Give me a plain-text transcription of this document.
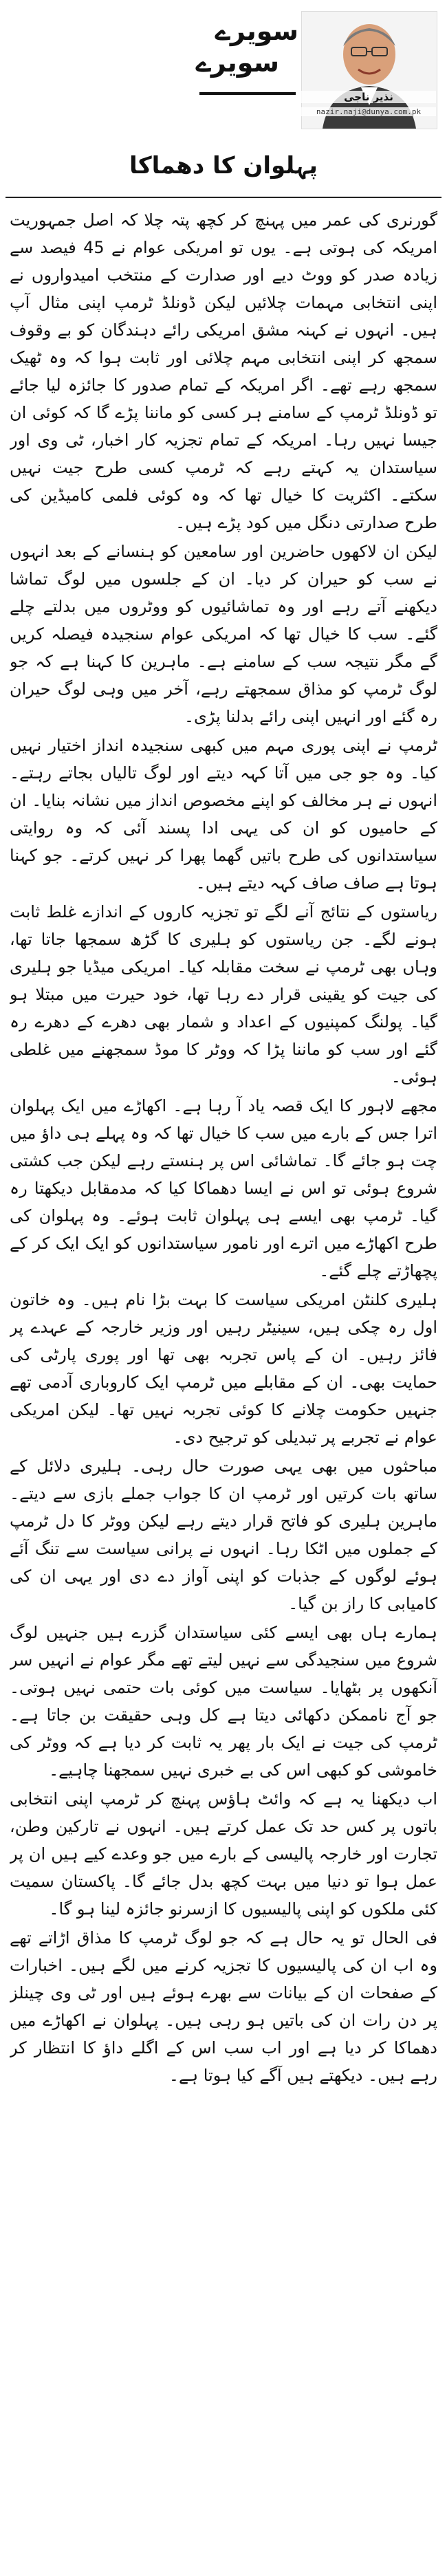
سویرے
سویرے
نذیر ناجی
nazir.naji@dunya.com.pk
پہلوان کا دھماکا

گورنری کی عمر میں پہنچ کر کچھ پتہ چلا کہ اصل جمہوریت امریکہ کی ہوتی ہے۔ یوں تو امریکی عوام نے 45 فیصد سے زیادہ صدر کو ووٹ دیے اور صدارت کے منتخب امیدواروں نے اپنی انتخابی مہمات چلائیں لیکن ڈونلڈ ٹرمپ اپنی مثال آپ ہیں۔ انہوں نے کہنہ مشق امریکی رائے دہندگان کو بے وقوف سمجھ کر اپنی انتخابی مہم چلائی اور ثابت ہوا کہ وہ ٹھیک سمجھ رہے تھے۔ اگر امریکہ کے تمام صدور کا جائزہ لیا جائے تو ڈونلڈ ٹرمپ کے سامنے ہر کسی کو ماننا پڑے گا کہ کوئی ان جیسا نہیں رہا۔ امریکہ کے تمام تجزیہ کار اخبار، ٹی وی اور سیاستدان یہ کہتے رہے کہ ٹرمپ کسی طرح جیت نہیں سکتے۔ اکثریت کا خیال تھا کہ وہ کوئی فلمی کامیڈین کی طرح صدارتی دنگل میں کود پڑے ہیں۔

لیکن ان لاکھوں حاضرین اور سامعین کو ہنسانے کے بعد انہوں نے سب کو حیران کر دیا۔ ان کے جلسوں میں لوگ تماشا دیکھنے آتے رہے اور وہ تماشائیوں کو ووٹروں میں بدلتے چلے گئے۔ سب کا خیال تھا کہ امریکی عوام سنجیدہ فیصلہ کریں گے مگر نتیجہ سب کے سامنے ہے۔ ماہرین کا کہنا ہے کہ جو لوگ ٹرمپ کو مذاق سمجھتے رہے، آخر میں وہی لوگ حیران رہ گئے اور انہیں اپنی رائے بدلنا پڑی۔

ٹرمپ نے اپنی پوری مہم میں کبھی سنجیدہ انداز اختیار نہیں کیا۔ وہ جو جی میں آتا کہہ دیتے اور لوگ تالیاں بجاتے رہتے۔ انہوں نے ہر مخالف کو اپنے مخصوص انداز میں نشانہ بنایا۔ ان کے حامیوں کو ان کی یہی ادا پسند آئی کہ وہ روایتی سیاستدانوں کی طرح باتیں گھما پھرا کر نہیں کرتے۔ جو کہنا ہوتا ہے صاف صاف کہہ دیتے ہیں۔

ریاستوں کے نتائج آنے لگے تو تجزیہ کاروں کے اندازے غلط ثابت ہونے لگے۔ جن ریاستوں کو ہلیری کا گڑھ سمجھا جاتا تھا، وہاں بھی ٹرمپ نے سخت مقابلہ کیا۔ امریکی میڈیا جو ہلیری کی جیت کو یقینی قرار دے رہا تھا، خود حیرت میں مبتلا ہو گیا۔ پولنگ کمپنیوں کے اعداد و شمار بھی دھرے کے دھرے رہ گئے اور سب کو ماننا پڑا کہ ووٹر کا موڈ سمجھنے میں غلطی ہوئی۔

مجھے لاہور کا ایک قصہ یاد آ رہا ہے۔ اکھاڑے میں ایک پہلوان اترا جس کے بارے میں سب کا خیال تھا کہ وہ پہلے ہی داؤ میں چت ہو جائے گا۔ تماشائی اس پر ہنستے رہے لیکن جب کشتی شروع ہوئی تو اس نے ایسا دھماکا کیا کہ مدمقابل دیکھتا رہ گیا۔ ٹرمپ بھی ایسے ہی پہلوان ثابت ہوئے۔ وہ پہلوان کی طرح اکھاڑے میں اترے اور نامور سیاستدانوں کو ایک ایک کر کے پچھاڑتے چلے گئے۔

ہلیری کلنٹن امریکی سیاست کا بہت بڑا نام ہیں۔ وہ خاتون اول رہ چکی ہیں، سینیٹر رہیں اور وزیر خارجہ کے عہدے پر فائز رہیں۔ ان کے پاس تجربہ بھی تھا اور پوری پارٹی کی حمایت بھی۔ ان کے مقابلے میں ٹرمپ ایک کاروباری آدمی تھے جنہیں حکومت چلانے کا کوئی تجربہ نہیں تھا۔ لیکن امریکی عوام نے تجربے پر تبدیلی کو ترجیح دی۔

مباحثوں میں بھی یہی صورت حال رہی۔ ہلیری دلائل کے ساتھ بات کرتیں اور ٹرمپ ان کا جواب جملے بازی سے دیتے۔ ماہرین ہلیری کو فاتح قرار دیتے رہے لیکن ووٹر کا دل ٹرمپ کے جملوں میں اٹکا رہا۔ انہوں نے پرانی سیاست سے تنگ آئے ہوئے لوگوں کے جذبات کو اپنی آواز دے دی اور یہی ان کی کامیابی کا راز بن گیا۔

ہمارے ہاں بھی ایسے کئی سیاستدان گزرے ہیں جنہیں لوگ شروع میں سنجیدگی سے نہیں لیتے تھے مگر عوام نے انہیں سر آنکھوں پر بٹھایا۔ سیاست میں کوئی بات حتمی نہیں ہوتی۔ جو آج ناممکن دکھائی دیتا ہے کل وہی حقیقت بن جاتا ہے۔ ٹرمپ کی جیت نے ایک بار پھر یہ ثابت کر دیا ہے کہ ووٹر کی خاموشی کو کبھی اس کی بے خبری نہیں سمجھنا چاہیے۔

اب دیکھنا یہ ہے کہ وائٹ ہاؤس پہنچ کر ٹرمپ اپنی انتخابی باتوں پر کس حد تک عمل کرتے ہیں۔ انہوں نے تارکین وطن، تجارت اور خارجہ پالیسی کے بارے میں جو وعدے کیے ہیں ان پر عمل ہوا تو دنیا میں بہت کچھ بدل جائے گا۔ پاکستان سمیت کئی ملکوں کو اپنی پالیسیوں کا ازسرنو جائزہ لینا ہو گا۔

فی الحال تو یہ حال ہے کہ جو لوگ ٹرمپ کا مذاق اڑاتے تھے وہ اب ان کی پالیسیوں کا تجزیہ کرنے میں لگے ہیں۔ اخبارات کے صفحات ان کے بیانات سے بھرے ہوئے ہیں اور ٹی وی چینلز پر دن رات ان کی باتیں ہو رہی ہیں۔ پہلوان نے اکھاڑے میں دھماکا کر دیا ہے اور اب سب اس کے اگلے داؤ کا انتظار کر رہے ہیں۔ دیکھتے ہیں آگے کیا ہوتا ہے۔
